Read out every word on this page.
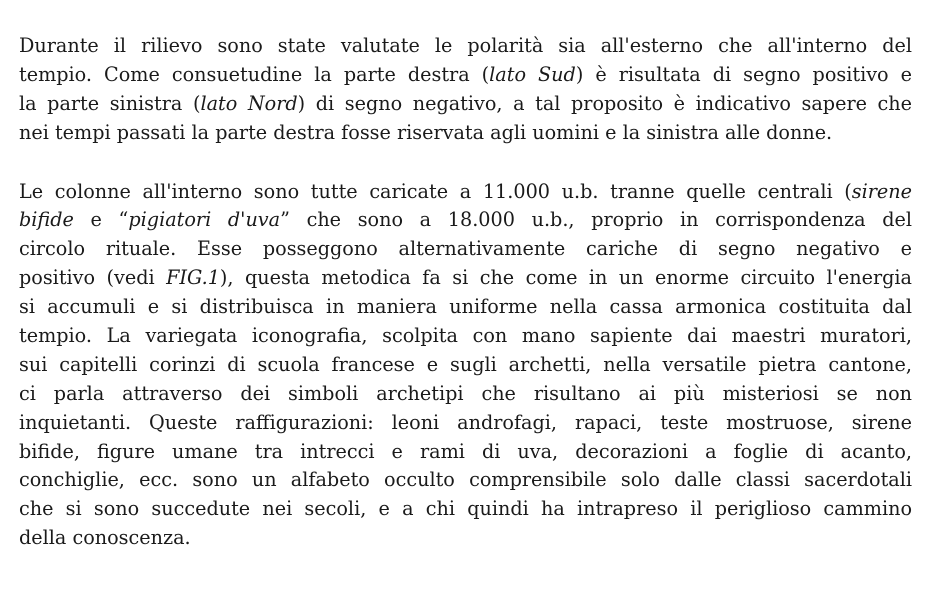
Durante il rilievo sono state valutate le polarità sia all'esterno che all'interno del
tempio. Come consuetudine la parte destra (lato Sud) è risultata di segno positivo e
la parte sinistra (lato Nord) di segno negativo, a tal proposito è indicativo sapere che
nei tempi passati la parte destra fosse riservata agli uomini e la sinistra alle donne.

Le colonne all'interno sono tutte caricate a 11.000 u.b. tranne quelle centrali (sirene
bifide e “pigiatori d'uva” che sono a 18.000 u.b., proprio in corrispondenza del
circolo rituale. Esse posseggono alternativamente cariche di segno negativo e
positivo (vedi FIG.1), questa metodica fa si che come in un enorme circuito l'energia
si accumuli e si distribuisca in maniera uniforme nella cassa armonica costituita dal
tempio. La variegata iconografia, scolpita con mano sapiente dai maestri muratori,
sui capitelli corinzi di scuola francese e sugli archetti, nella versatile pietra cantone,
ci parla attraverso dei simboli archetipi che risultano ai più misteriosi se non
inquietanti. Queste raffigurazioni: leoni androfagi, rapaci, teste mostruose, sirene
bifide, figure umane tra intrecci e rami di uva, decorazioni a foglie di acanto,
conchiglie, ecc. sono un alfabeto occulto comprensibile solo dalle classi sacerdotali
che si sono succedute nei secoli, e a chi quindi ha intrapreso il periglioso cammino
della conoscenza.
